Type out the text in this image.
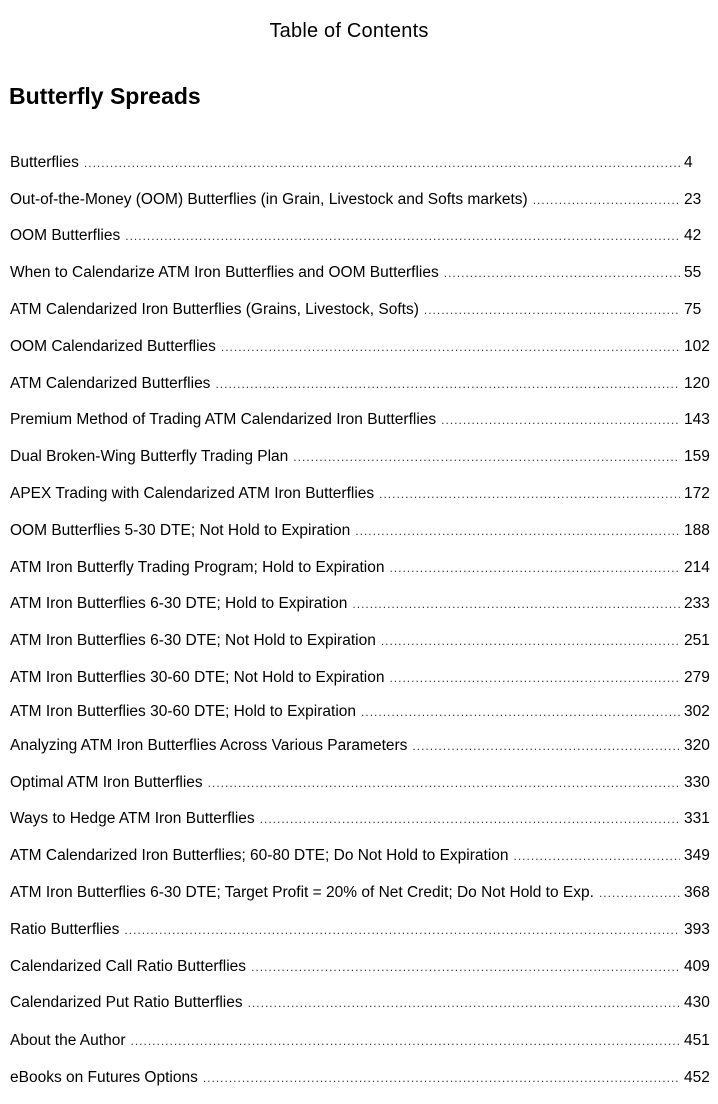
Table of Contents
Butterfly Spreads
Butterflies .....	4
Out-of-the-Money (OOM) Butterflies (in Grain, Livestock and Softs markets) .....	23
OOM Butterflies .....	42
When to Calendarize ATM Iron Butterflies and OOM Butterflies .....	55
ATM Calendarized Iron Butterflies (Grains, Livestock, Softs) .....	75
OOM Calendarized Butterflies .....	102
ATM Calendarized Butterflies .....	120
Premium Method of Trading ATM Calendarized Iron Butterflies .....	143
Dual Broken-Wing Butterfly Trading Plan .....	159
APEX Trading with Calendarized ATM Iron Butterflies .....	172
OOM Butterflies 5-30 DTE; Not Hold to Expiration .....	188
ATM Iron Butterfly Trading Program; Hold to Expiration .....	214
ATM Iron Butterflies 6-30 DTE; Hold to Expiration .....	233
ATM Iron Butterflies 6-30 DTE; Not Hold to Expiration .....	251
ATM Iron Butterflies 30-60 DTE; Not Hold to Expiration .....	279
ATM Iron Butterflies 30-60 DTE; Hold to Expiration .....	302
Analyzing ATM Iron Butterflies Across Various Parameters .....	320
Optimal ATM Iron Butterflies .....	330
Ways to Hedge ATM Iron Butterflies .....	331
ATM Calendarized Iron Butterflies; 60-80 DTE; Do Not Hold to Expiration .....	349
ATM Iron Butterflies 6-30 DTE; Target Profit = 20% of Net Credit; Do Not Hold to Exp. .....	368
Ratio Butterflies .....	393
Calendarized Call Ratio Butterflies .....	409
Calendarized Put Ratio Butterflies .....	430
About the Author .....	451
eBooks on Futures Options .....	452
